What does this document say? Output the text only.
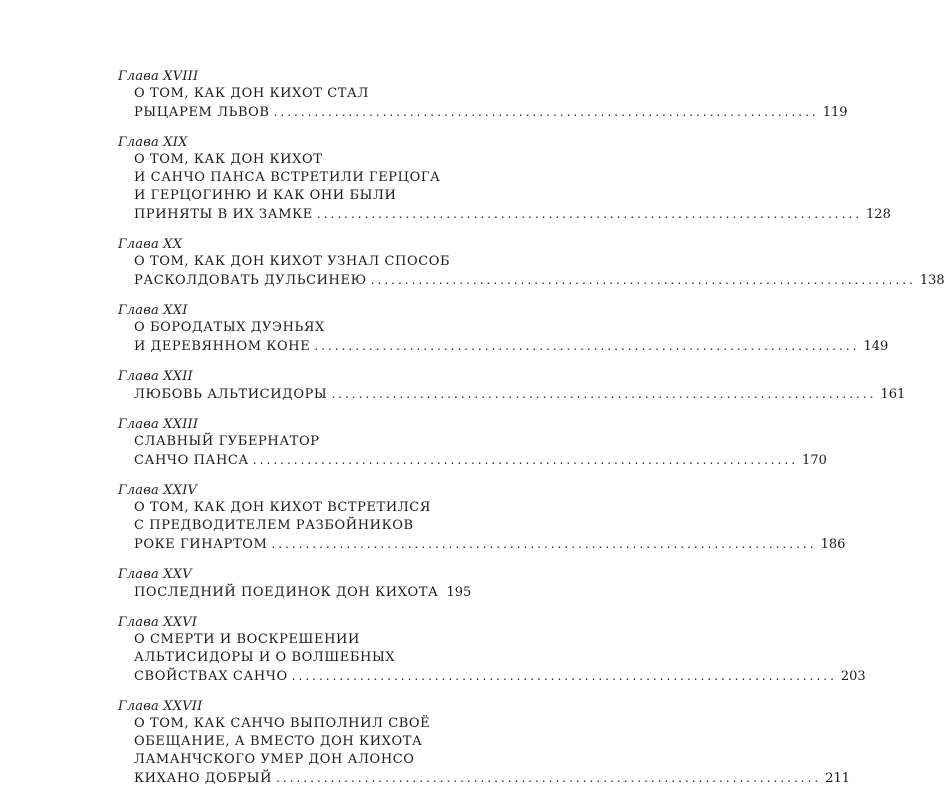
Глава XVIII
О ТОМ, КАК ДОН КИХОТ СТАЛ
РЫЦАРЕМ ЛЬВОВ ................................................................................ 119
Глава XIX
О ТОМ, КАК ДОН КИХОТ
И САНЧО ПАНСА ВСТРЕТИЛИ ГЕРЦОГА
И ГЕРЦОГИНЮ И КАК ОНИ БЫЛИ
ПРИНЯТЫ В ИХ ЗАМКЕ ................................................................................ 128
Глава XX
О ТОМ, КАК ДОН КИХОТ УЗНАЛ СПОСОБ
РАСКОЛДОВАТЬ ДУЛЬСИНЕЮ ................................................................................ 138
Глава XXI
О БОРОДАТЫХ ДУЭНЬЯХ
И ДЕРЕВЯННОМ КОНЕ ................................................................................ 149
Глава XXII
ЛЮБОВЬ АЛЬТИСИДОРЫ ................................................................................ 161
Глава XXIII
СЛАВНЫЙ ГУБЕРНАТОР
САНЧО ПАНСА ................................................................................ 170
Глава XXIV
О ТОМ, КАК ДОН КИХОТ ВСТРЕТИЛСЯ
С ПРЕДВОДИТЕЛЕМ РАЗБОЙНИКОВ
РОКЕ ГИНАРТОМ ................................................................................ 186
Глава XXV
ПОСЛЕДНИЙ ПОЕДИНОК ДОН КИХОТА 195
Глава XXVI
О СМЕРТИ И ВОСКРЕШЕНИИ
АЛЬТИСИДОРЫ И О ВОЛШЕБНЫХ
СВОЙСТВАХ САНЧО ................................................................................ 203
Глава XXVII
О ТОМ, КАК САНЧО ВЫПОЛНИЛ СВОЁ
ОБЕЩАНИЕ, А ВМЕСТО ДОН КИХОТА
ЛАМАНЧСКОГО УМЕР ДОН АЛОНСО
КИХАНО ДОБРЫЙ ................................................................................ 211
